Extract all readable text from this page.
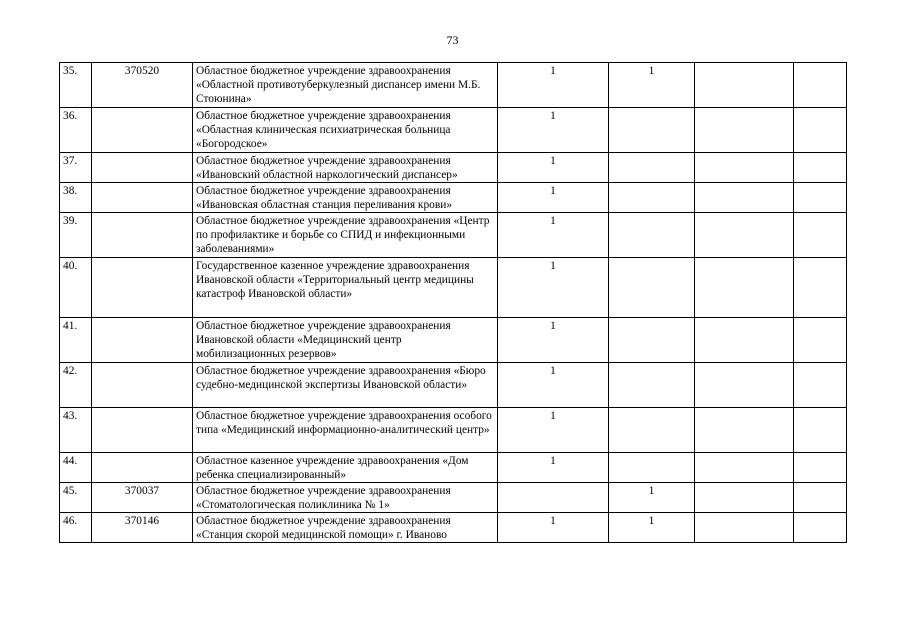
73
35.	370520	Областное бюджетное учреждение здравоохранения «Областной противотуберкулезный диспансер имени М.Б. Стоюнина»	1	1		
36.		Областное бюджетное учреждение здравоохранения «Областная клиническая психиатрическая больница «Богородское»	1			
37.		Областное бюджетное учреждение здравоохранения «Ивановский областной наркологический диспансер»	1			
38.		Областное бюджетное учреждение здравоохранения «Ивановская областная станция переливания крови»	1			
39.		Областное бюджетное учреждение здравоохранения «Центр по профилактике и борьбе со СПИД и инфекционными заболеваниями»	1			
40.		Государственное казенное учреждение здравоохранения Ивановской области «Территориальный центр медицины катастроф Ивановской области»	1			
41.		Областное бюджетное учреждение здравоохранения Ивановской области «Медицинский центр мобилизационных резервов»	1			
42.		Областное бюджетное учреждение здравоохранения «Бюро судебно-медицинской экспертизы Ивановской области»	1			
43.		Областное бюджетное учреждение здравоохранения особого типа «Медицинский информационно-аналитический центр»	1			
44.		Областное казенное учреждение здравоохранения «Дом ребенка специализированный»	1			
45.	370037	Областное бюджетное учреждение здравоохранения «Стоматологическая поликлиника № 1»		1		
46.	370146	Областное бюджетное учреждение здравоохранения «Станция скорой медицинской помощи» г. Иваново	1	1		
